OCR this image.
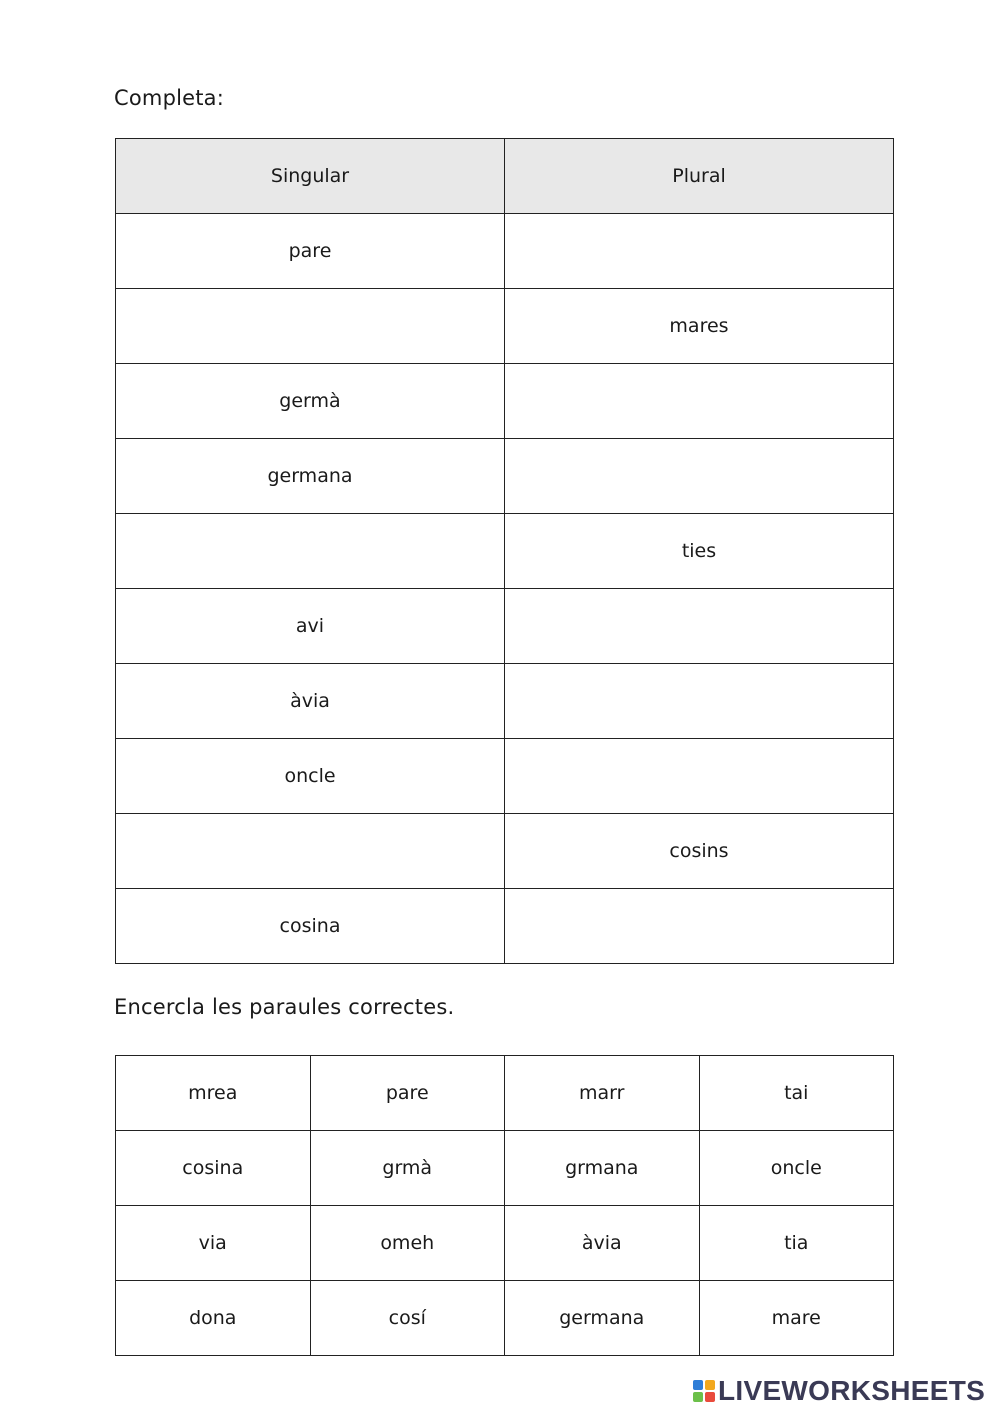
Completa:
Singular	Plural
pare	
	mares
germà	
germana	
	ties
avi	
àvia	
oncle	
	cosins
cosina	
Encercla les paraules correctes.
mrea	pare	marr	tai
cosina	grmà	grmana	oncle
via	omeh	àvia	tia
dona	cosí	germana	mare
LIVEWORKSHEETS
